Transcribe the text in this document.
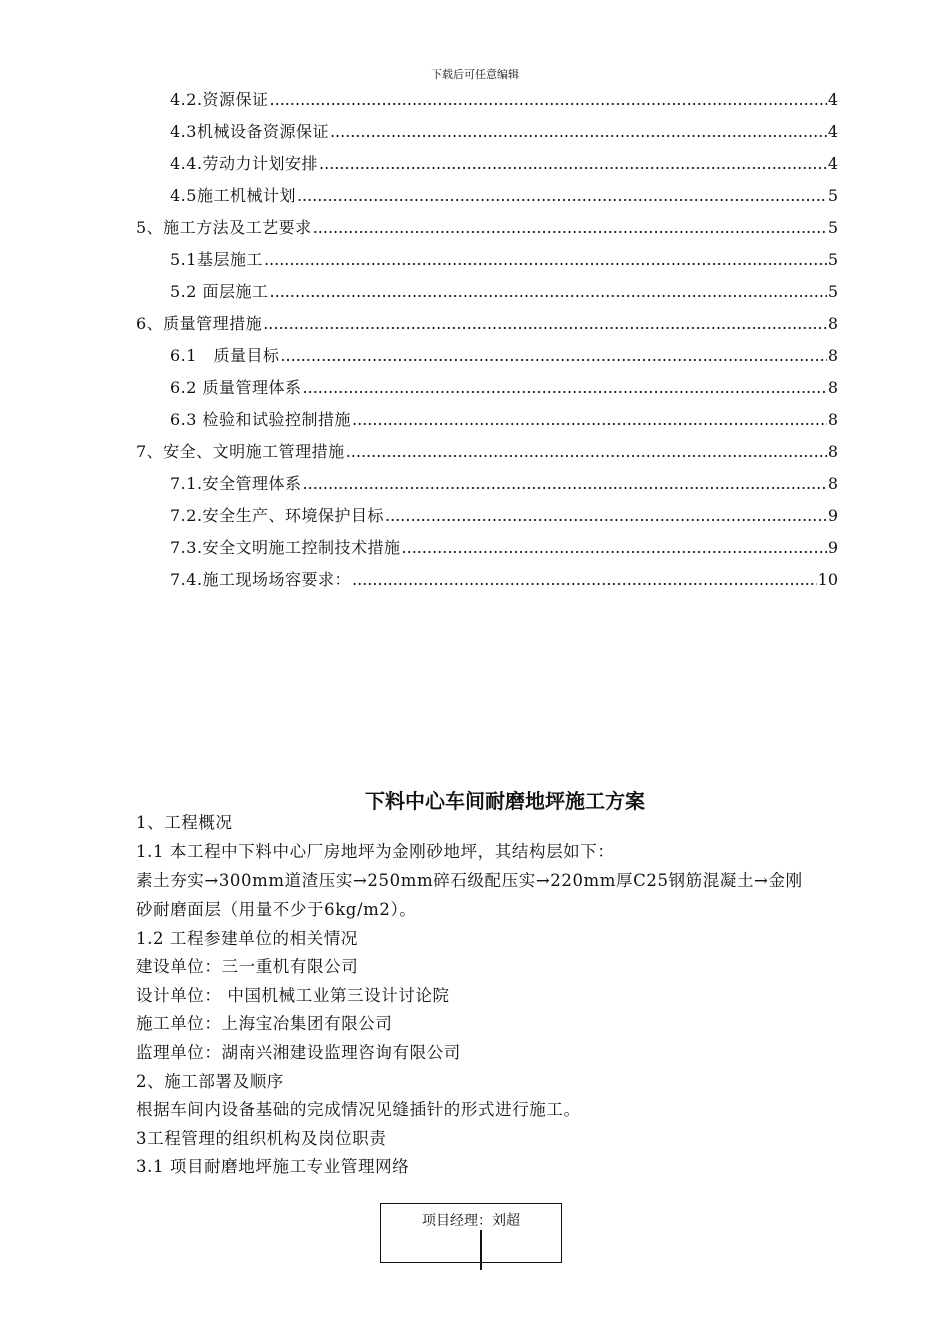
下载后可任意编辑
4.2.资源保证 .....	4
4.3机械设备资源保证 .....	4
4.4.劳动力计划安排 .....	4
4.5施工机械计划 .....	5
5、施工方法及工艺要求 .....	5
5.1基层施工 .....	5
5.2 面层施工 .....	5
6、质量管理措施 .....	8
6.1　质量目标 .....	8
6.2 质量管理体系 .....	8
6.3 检验和试验控制措施 .....	8
7、安全、文明施工管理措施 .....	8
7.1.安全管理体系 .....	8
7.2.安全生产、环境保护目标 .....	9
7.3.安全文明施工控制技术措施 .....	9
7.4.施工现场场容要求： .....	10
下料中心车间耐磨地坪施工方案
1、工程概况
1.1 本工程中下料中心厂房地坪为金刚砂地坪，其结构层如下：
素土夯实→300mm道渣压实→250mm碎石级配压实→220mm厚C25钢筋混凝土→金刚
砂耐磨面层（用量不少于6kg/m2）。
1.2 工程参建单位的相关情况
建设单位：三一重机有限公司
设计单位： 中国机械工业第三设计讨论院
施工单位：上海宝冶集团有限公司
监理单位：湖南兴湘建设监理咨询有限公司
2、施工部署及顺序
根据车间内设备基础的完成情况见缝插针的形式进行施工。
3工程管理的组织机构及岗位职责
3.1 项目耐磨地坪施工专业管理网络
项目经理：刘超
